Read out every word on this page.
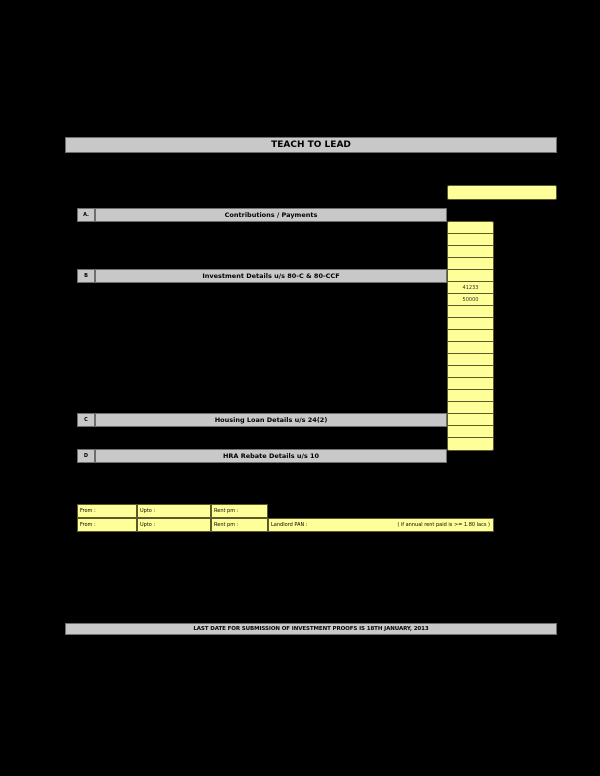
TEACH TO LEAD
A.	Contributions / Payments
B	Investment Details u/s 80-C & 80-CCF
C	Housing Loan Details u/s 24(2)
D	HRA Rebate Details u/s 10
41233
50000
From :	Upto :	Rent pm :
From :	Upto :	Rent pm :	Landlord PAN :	( if annual rent paid is >= 1.80 lacs )
LAST DATE FOR SUBMISSION OF INVESTMENT PROOFS IS 18TH JANUARY, 2013
